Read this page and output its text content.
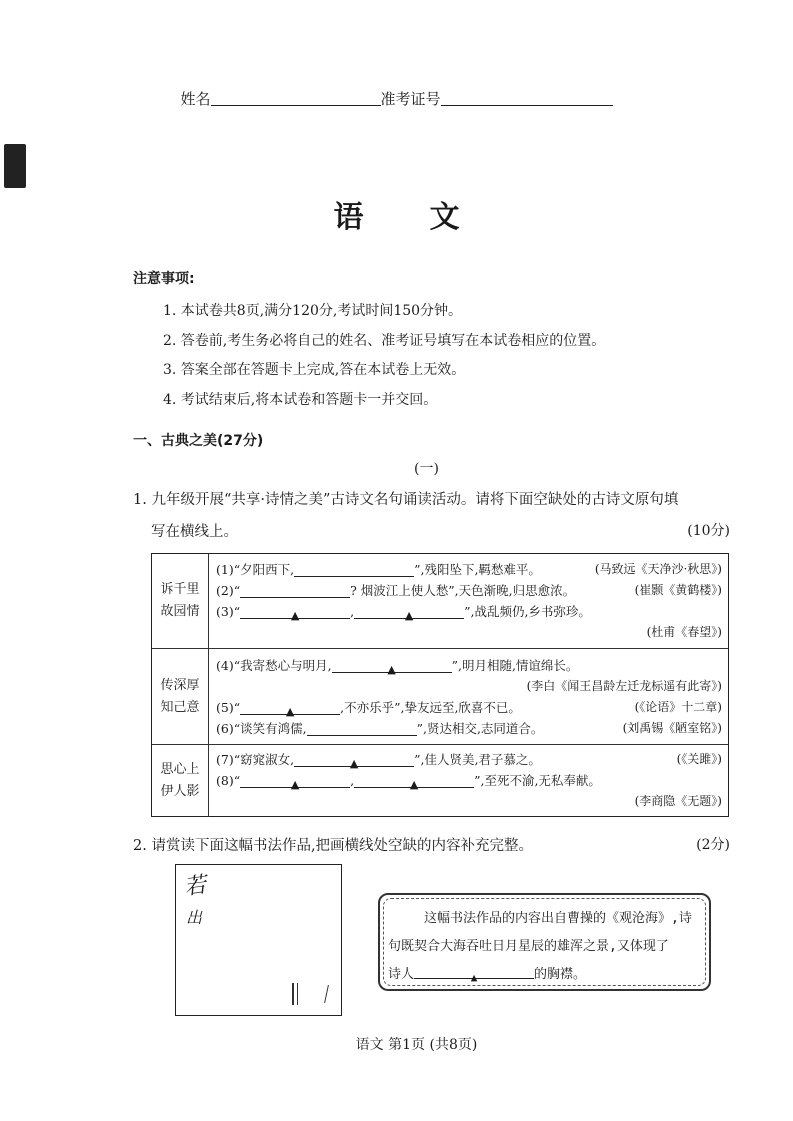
姓名	准考证号
语文
注意事项:
1. 本试卷共8页,满分120分,考试时间150分钟。
2. 答卷前,考生务必将自己的姓名、准考证号填写在本试卷相应的位置。
3. 答案全部在答题卡上完成,答在本试卷上无效。
4. 考试结束后,将本试卷和答题卡一并交回。
一、古典之美(27分)
(一)
1. 九年级开展“共享·诗情之美”古诗文名句诵读活动。请将下面空缺处的古诗文原句填
写在横线上。	(10分)
诉千里
故园情
(1)“夕阳西下,	”,残阳坠下,羁愁难平。	(马致远《天净沙·秋思》)
(2)“	? 烟波江上使人愁”,天色渐晚,归思愈浓。	(崔颢《黄鹤楼》)
(3)“	▲	,	▲	”,战乱频仍,乡书弥珍。
(杜甫《春望》)
传深厚
知己意
(4)“我寄愁心与明月,	▲	”,明月相随,情谊绵长。
(李白《闻王昌龄左迁龙标遥有此寄》)
(5)“	▲	,不亦乐乎”,挚友远至,欣喜不已。	(《论语》十二章)
(6)“谈笑有鸿儒,	”,贤达相交,志同道合。	(刘禹锡《陋室铭》)
思心上
伊人影
(7)“窈窕淑女,	▲	”,佳人贤美,君子慕之。	(《关雎》)
(8)“	▲	,	▲	”,至死不渝,无私奉献。
(李商隐《无题》)
2. 请赏读下面这幅书法作品,把画横线处空缺的内容补充完整。	(2分)
若
出	这幅书法作品的内容出自曹操的《观沧海》,诗
句既契合大海吞吐日月星辰的雄浑之景,又体现了
诗人	▲	的胸襟。
语文 第1页 (共8页)
